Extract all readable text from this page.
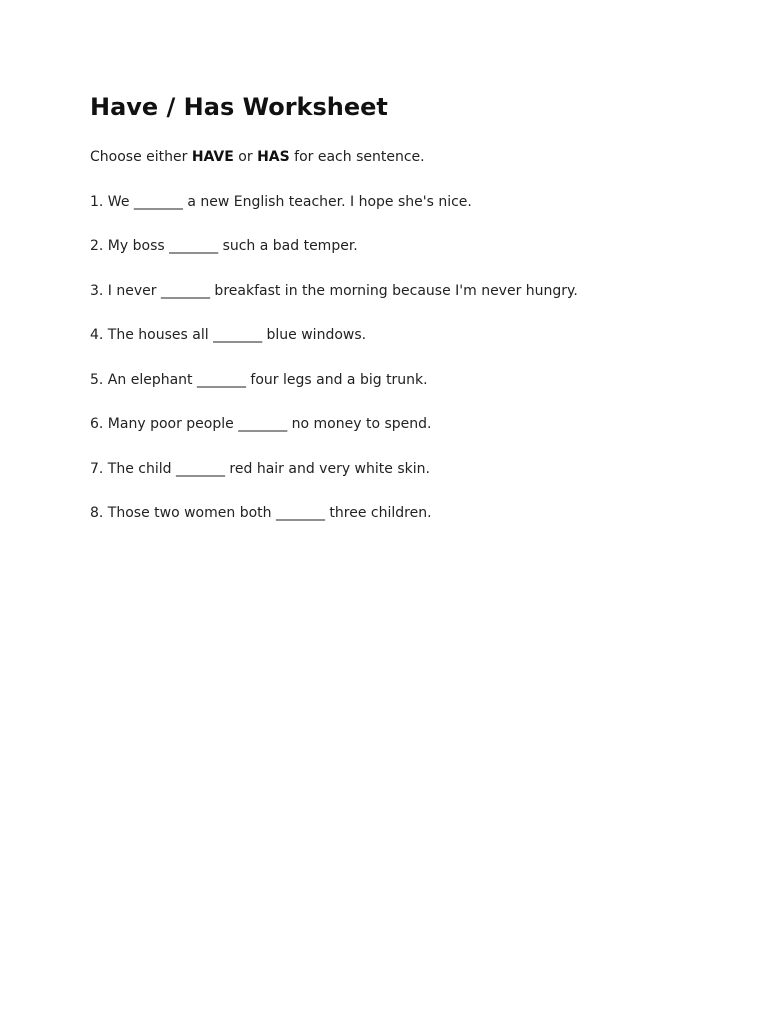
Have / Has Worksheet

Choose either HAVE or HAS for each sentence.

1. We _______ a new English teacher. I hope she's nice.

2. My boss _______ such a bad temper.

3. I never _______ breakfast in the morning because I'm never hungry.

4. The houses all _______ blue windows.

5. An elephant _______ four legs and a big trunk.

6. Many poor people _______ no money to spend.

7. The child _______ red hair and very white skin.

8. Those two women both _______ three children.
